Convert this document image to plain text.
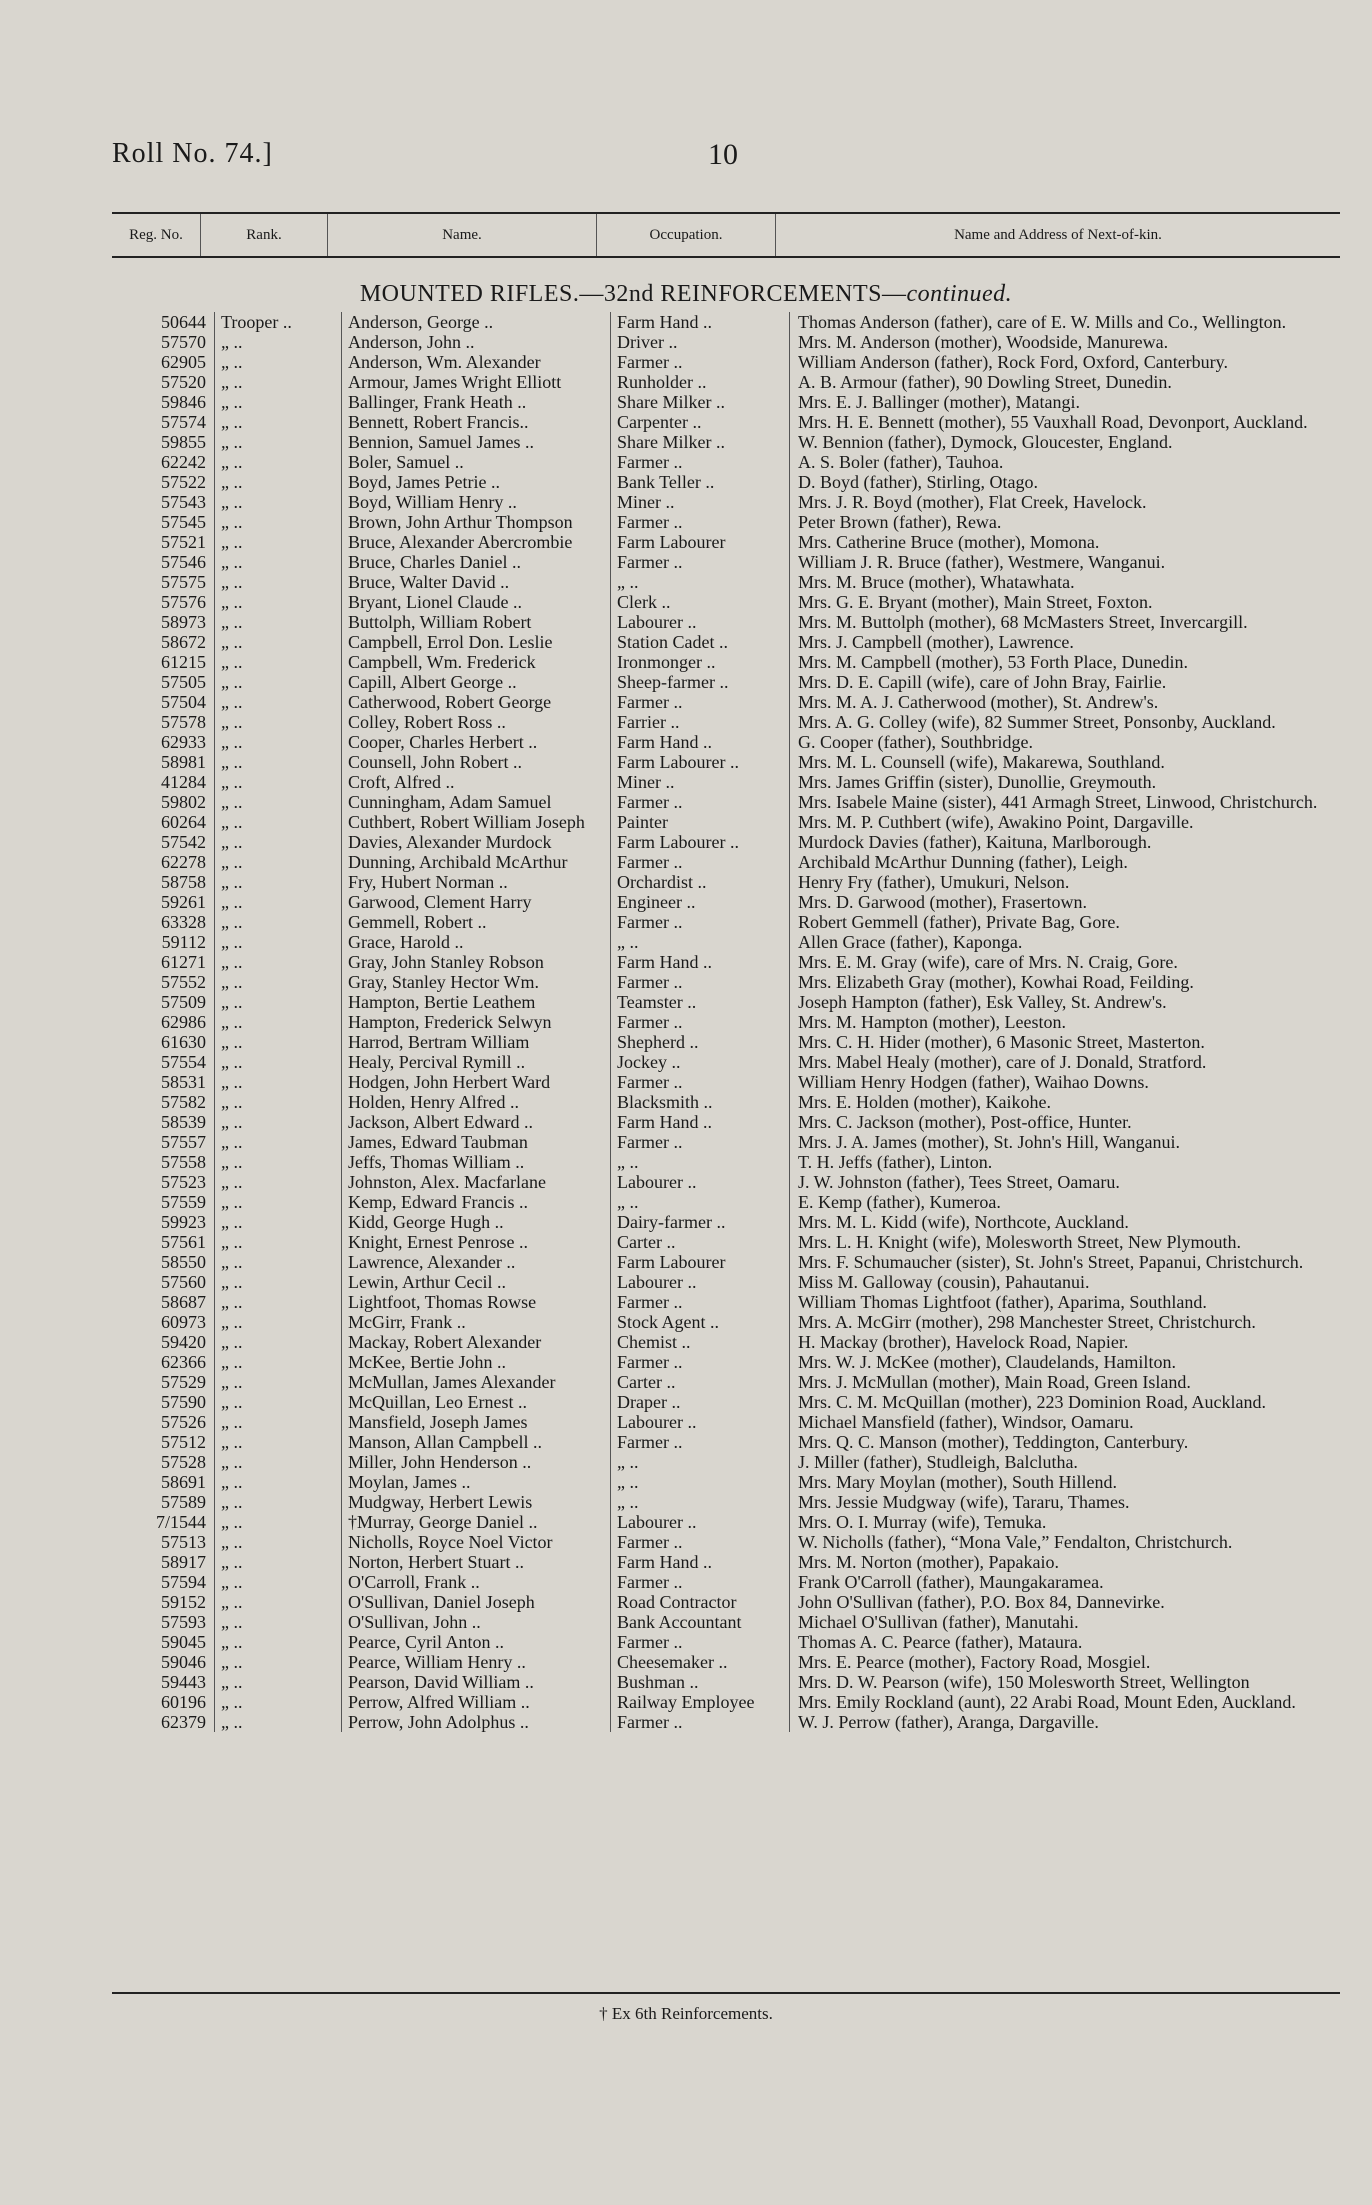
Roll No. 74.]	10
Reg. No.	Rank.	Name.	Occupation.	Name and Address of Next-of-kin.
MOUNTED RIFLES.—32nd REINFORCEMENTS—continued.
50644	Trooper ..	Anderson, George ..	Farm Hand ..	Thomas Anderson (father), care of E. W. Mills and Co., Wellington.
57570	„ ..	Anderson, John ..	Driver ..	Mrs. M. Anderson (mother), Woodside, Manurewa.
62905	„ ..	Anderson, Wm. Alexander	Farmer ..	William Anderson (father), Rock Ford, Oxford, Canterbury.
57520	„ ..	Armour, James Wright Elliott	Runholder ..	A. B. Armour (father), 90 Dowling Street, Dunedin.
59846	„ ..	Ballinger, Frank Heath ..	Share Milker ..	Mrs. E. J. Ballinger (mother), Matangi.
57574	„ ..	Bennett, Robert Francis..	Carpenter ..	Mrs. H. E. Bennett (mother), 55 Vauxhall Road, Devonport, Auckland.
59855	„ ..	Bennion, Samuel James ..	Share Milker ..	W. Bennion (father), Dymock, Gloucester, England.
62242	„ ..	Boler, Samuel ..	Farmer ..	A. S. Boler (father), Tauhoa.
57522	„ ..	Boyd, James Petrie ..	Bank Teller ..	D. Boyd (father), Stirling, Otago.
57543	„ ..	Boyd, William Henry ..	Miner ..	Mrs. J. R. Boyd (mother), Flat Creek, Havelock.
57545	„ ..	Brown, John Arthur Thompson	Farmer ..	Peter Brown (father), Rewa.
57521	„ ..	Bruce, Alexander Abercrombie	Farm Labourer	Mrs. Catherine Bruce (mother), Momona.
57546	„ ..	Bruce, Charles Daniel ..	Farmer ..	William J. R. Bruce (father), Westmere, Wanganui.
57575	„ ..	Bruce, Walter David ..	„ ..	Mrs. M. Bruce (mother), Whatawhata.
57576	„ ..	Bryant, Lionel Claude ..	Clerk ..	Mrs. G. E. Bryant (mother), Main Street, Foxton.
58973	„ ..	Buttolph, William Robert	Labourer ..	Mrs. M. Buttolph (mother), 68 McMasters Street, Invercargill.
58672	„ ..	Campbell, Errol Don. Leslie	Station Cadet ..	Mrs. J. Campbell (mother), Lawrence.
61215	„ ..	Campbell, Wm. Frederick	Ironmonger ..	Mrs. M. Campbell (mother), 53 Forth Place, Dunedin.
57505	„ ..	Capill, Albert George ..	Sheep-farmer ..	Mrs. D. E. Capill (wife), care of John Bray, Fairlie.
57504	„ ..	Catherwood, Robert George	Farmer ..	Mrs. M. A. J. Catherwood (mother), St. Andrew's.
57578	„ ..	Colley, Robert Ross ..	Farrier ..	Mrs. A. G. Colley (wife), 82 Summer Street, Ponsonby, Auckland.
62933	„ ..	Cooper, Charles Herbert ..	Farm Hand ..	G. Cooper (father), Southbridge.
58981	„ ..	Counsell, John Robert ..	Farm Labourer ..	Mrs. M. L. Counsell (wife), Makarewa, Southland.
41284	„ ..	Croft, Alfred ..	Miner ..	Mrs. James Griffin (sister), Dunollie, Greymouth.
59802	„ ..	Cunningham, Adam Samuel	Farmer ..	Mrs. Isabele Maine (sister), 441 Armagh Street, Linwood, Christchurch.
60264	„ ..	Cuthbert, Robert William Joseph	Painter	Mrs. M. P. Cuthbert (wife), Awakino Point, Dargaville.
57542	„ ..	Davies, Alexander Murdock	Farm Labourer ..	Murdock Davies (father), Kaituna, Marlborough.
62278	„ ..	Dunning, Archibald McArthur	Farmer ..	Archibald McArthur Dunning (father), Leigh.
58758	„ ..	Fry, Hubert Norman ..	Orchardist ..	Henry Fry (father), Umukuri, Nelson.
59261	„ ..	Garwood, Clement Harry	Engineer ..	Mrs. D. Garwood (mother), Frasertown.
63328	„ ..	Gemmell, Robert ..	Farmer ..	Robert Gemmell (father), Private Bag, Gore.
59112	„ ..	Grace, Harold ..	„ ..	Allen Grace (father), Kaponga.
61271	„ ..	Gray, John Stanley Robson	Farm Hand ..	Mrs. E. M. Gray (wife), care of Mrs. N. Craig, Gore.
57552	„ ..	Gray, Stanley Hector Wm.	Farmer ..	Mrs. Elizabeth Gray (mother), Kowhai Road, Feilding.
57509	„ ..	Hampton, Bertie Leathem	Teamster ..	Joseph Hampton (father), Esk Valley, St. Andrew's.
62986	„ ..	Hampton, Frederick Selwyn	Farmer ..	Mrs. M. Hampton (mother), Leeston.
61630	„ ..	Harrod, Bertram William	Shepherd ..	Mrs. C. H. Hider (mother), 6 Masonic Street, Masterton.
57554	„ ..	Healy, Percival Rymill ..	Jockey ..	Mrs. Mabel Healy (mother), care of J. Donald, Stratford.
58531	„ ..	Hodgen, John Herbert Ward	Farmer ..	William Henry Hodgen (father), Waihao Downs.
57582	„ ..	Holden, Henry Alfred ..	Blacksmith ..	Mrs. E. Holden (mother), Kaikohe.
58539	„ ..	Jackson, Albert Edward ..	Farm Hand ..	Mrs. C. Jackson (mother), Post-office, Hunter.
57557	„ ..	James, Edward Taubman	Farmer ..	Mrs. J. A. James (mother), St. John's Hill, Wanganui.
57558	„ ..	Jeffs, Thomas William ..	„ ..	T. H. Jeffs (father), Linton.
57523	„ ..	Johnston, Alex. Macfarlane	Labourer ..	J. W. Johnston (father), Tees Street, Oamaru.
57559	„ ..	Kemp, Edward Francis ..	„ ..	E. Kemp (father), Kumeroa.
59923	„ ..	Kidd, George Hugh ..	Dairy-farmer ..	Mrs. M. L. Kidd (wife), Northcote, Auckland.
57561	„ ..	Knight, Ernest Penrose ..	Carter ..	Mrs. L. H. Knight (wife), Molesworth Street, New Plymouth.
58550	„ ..	Lawrence, Alexander ..	Farm Labourer	Mrs. F. Schumaucher (sister), St. John's Street, Papanui, Christchurch.
57560	„ ..	Lewin, Arthur Cecil ..	Labourer ..	Miss M. Galloway (cousin), Pahautanui.
58687	„ ..	Lightfoot, Thomas Rowse	Farmer ..	William Thomas Lightfoot (father), Aparima, Southland.
60973	„ ..	McGirr, Frank ..	Stock Agent ..	Mrs. A. McGirr (mother), 298 Manchester Street, Christchurch.
59420	„ ..	Mackay, Robert Alexander	Chemist ..	H. Mackay (brother), Havelock Road, Napier.
62366	„ ..	McKee, Bertie John ..	Farmer ..	Mrs. W. J. McKee (mother), Claudelands, Hamilton.
57529	„ ..	McMullan, James Alexander	Carter ..	Mrs. J. McMullan (mother), Main Road, Green Island.
57590	„ ..	McQuillan, Leo Ernest ..	Draper ..	Mrs. C. M. McQuillan (mother), 223 Dominion Road, Auckland.
57526	„ ..	Mansfield, Joseph James	Labourer ..	Michael Mansfield (father), Windsor, Oamaru.
57512	„ ..	Manson, Allan Campbell ..	Farmer ..	Mrs. Q. C. Manson (mother), Teddington, Canterbury.
57528	„ ..	Miller, John Henderson ..	„ ..	J. Miller (father), Studleigh, Balclutha.
58691	„ ..	Moylan, James ..	„ ..	Mrs. Mary Moylan (mother), South Hillend.
57589	„ ..	Mudgway, Herbert Lewis	„ ..	Mrs. Jessie Mudgway (wife), Tararu, Thames.
7/1544	„ ..	†Murray, George Daniel ..	Labourer ..	Mrs. O. I. Murray (wife), Temuka.
57513	„ ..	Nicholls, Royce Noel Victor	Farmer ..	W. Nicholls (father), “Mona Vale,” Fendalton, Christchurch.
58917	„ ..	Norton, Herbert Stuart ..	Farm Hand ..	Mrs. M. Norton (mother), Papakaio.
57594	„ ..	O'Carroll, Frank ..	Farmer ..	Frank O'Carroll (father), Maungakaramea.
59152	„ ..	O'Sullivan, Daniel Joseph	Road Contractor	John O'Sullivan (father), P.O. Box 84, Dannevirke.
57593	„ ..	O'Sullivan, John ..	Bank Accountant	Michael O'Sullivan (father), Manutahi.
59045	„ ..	Pearce, Cyril Anton ..	Farmer ..	Thomas A. C. Pearce (father), Mataura.
59046	„ ..	Pearce, William Henry ..	Cheesemaker ..	Mrs. E. Pearce (mother), Factory Road, Mosgiel.
59443	„ ..	Pearson, David William ..	Bushman ..	Mrs. D. W. Pearson (wife), 150 Molesworth Street, Wellington
60196	„ ..	Perrow, Alfred William ..	Railway Employee	Mrs. Emily Rockland (aunt), 22 Arabi Road, Mount Eden, Auckland.
62379	„ ..	Perrow, John Adolphus ..	Farmer ..	W. J. Perrow (father), Aranga, Dargaville.
† Ex 6th Reinforcements.
